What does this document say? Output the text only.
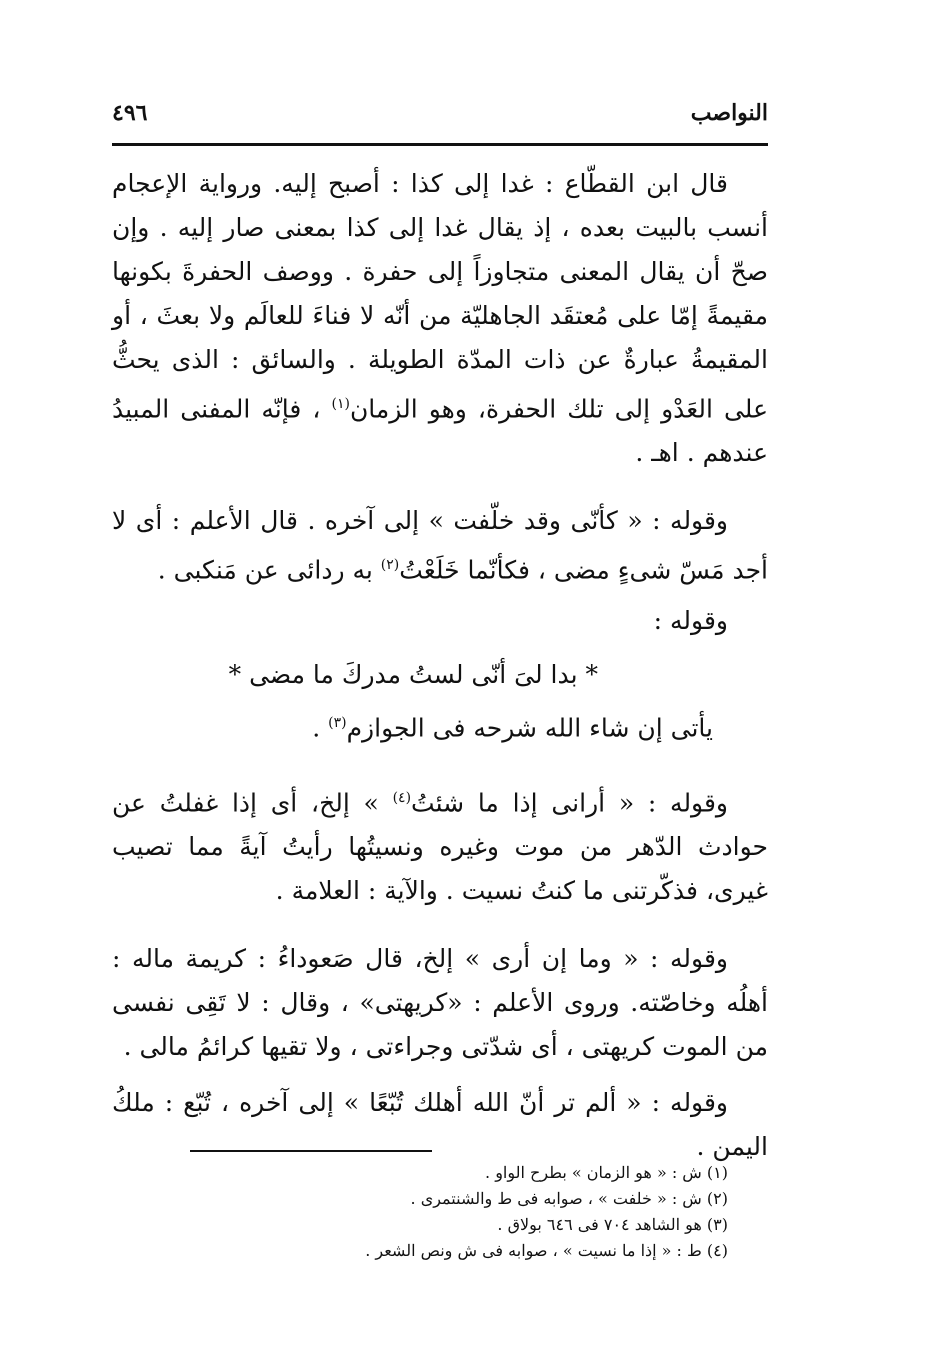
النواصب
٤٩٦

قال ابن القطّاع : غدا إلى كذا : أصبح إليه. ورواية الإعجام أنسب بالبيت بعده ، إذ يقال غدا إلى كذا بمعنى صار إليه . وإن صحّ أن يقال المعنى متجاوزاً إلى حفرة . ووصف الحفرةَ بكونها مقيمةً إمّا على مُعتقَد الجاهليّة من أنّه لا فناءَ للعالَم ولا بعثَ ، أو المقيمةُ عبارةٌ عن ذات المدّة الطويلة . والسائق : الذى يحثُّ على العَدْو إلى تلك الحفرة، وهو الزمان$^{(١)}$ ، فإنّه المفنى المبيدُ عندهم . اهـ .

وقوله : « كأنّى وقد خلّفت » إلى آخره . قال الأعلم : أى لا أجد مَسّ شىءٍ مضى ، فكأنّما خَلَعْتُ$^{(٢)}$ به ردائى عن مَنكبى .

وقوله :

* بدا لىَ أنّى لستُ مدركَ ما مضى *

يأتى إن شاء الله شرحه فى الجوازم$^{(٣)}$ .

وقوله : « أرانى إذا ما شئتُ$^{(٤)}$ » إلخ، أى إذا غفلتُ عن حوادث الدّهر من موت وغيره ونسيتُها رأيتُ آيةً مما تصيب غيرى، فذكّرتنى ما كنتُ نسيت . والآية : العلامة .

وقوله : « وما إن أرى » إلخ، قال صَعوداءُ : كريمة ماله : أهلُه وخاصّته. وروى الأعلم : «كريهتى» ، وقال : لا تَقِى نفسى من الموت كريهتى ، أى شدّتى وجراءتى ، ولا تقيها كرائمُ مالى .

وقوله : « ألم تر أنّ الله أهلك تُبّعًا » إلى آخره ، تُبّع : ملكُ اليمن .

(١) ش : « هو الزمان » بطرح الواو .

(٢) ش : « خلفت » ، صوابه فى ط والشنتمرى .

(٣) هو الشاهد ٧٠٤ فى ٦٤٦ بولاق .

(٤) ط : « إذا ما نسيت » ، صوابه فى ش ونص الشعر .
